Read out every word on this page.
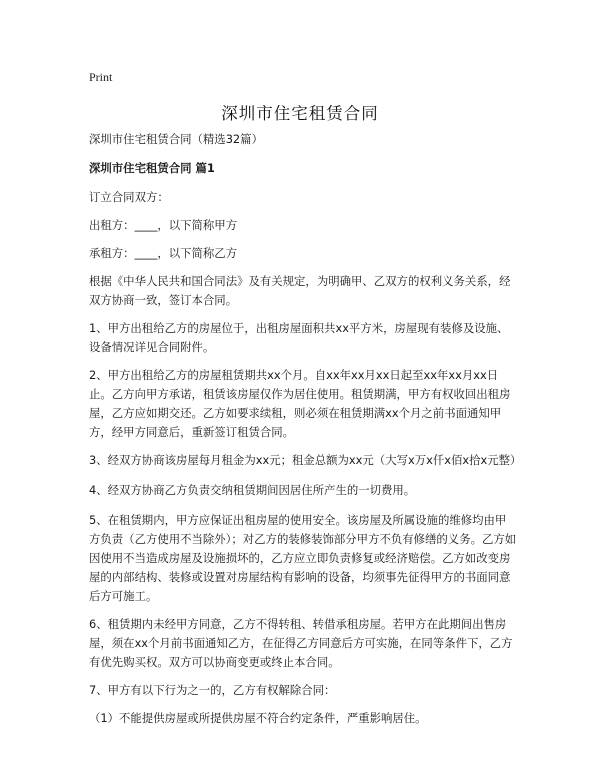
Print
深圳市住宅租赁合同

深圳市住宅租赁合同（精选32篇）

深圳市住宅租赁合同 篇1

订立合同双方：

出租方：____，以下简称甲方

承租方：____，以下简称乙方

根据《中华人民共和国合同法》及有关规定，为明确甲、乙双方的权利义务关系，经双方协商一致，签订本合同。

1、甲方出租给乙方的房屋位于，出租房屋面积共xx平方米，房屋现有装修及设施、设备情况详见合同附件。

2、甲方出租给乙方的房屋租赁期共xx个月。自xx年xx月xx日起至xx年xx月xx日止。乙方向甲方承诺，租赁该房屋仅作为居住使用。租赁期满，甲方有权收回出租房屋，乙方应如期交还。乙方如要求续租，则必须在租赁期满xx个月之前书面通知甲方，经甲方同意后，重新签订租赁合同。

3、经双方协商该房屋每月租金为xx元；租金总额为xx元（大写x万x仟x佰x拾x元整）

4、经双方协商乙方负责交纳租赁期间因居住所产生的一切费用。

5、在租赁期内，甲方应保证出租房屋的使用安全。该房屋及所属设施的维修均由甲方负责（乙方使用不当除外）；对乙方的装修装饰部分甲方不负有修缮的义务。乙方如因使用不当造成房屋及设施损坏的，乙方应立即负责修复或经济赔偿。乙方如改变房屋的内部结构、装修或设置对房屋结构有影响的设备，均须事先征得甲方的书面同意后方可施工。

6、租赁期内未经甲方同意，乙方不得转租、转借承租房屋。若甲方在此期间出售房屋，须在xx个月前书面通知乙方，在征得乙方同意后方可实施，在同等条件下，乙方有优先购买权。双方可以协商变更或终止本合同。

7、甲方有以下行为之一的，乙方有权解除合同：

（1）不能提供房屋或所提供房屋不符合约定条件，严重影响居住。
